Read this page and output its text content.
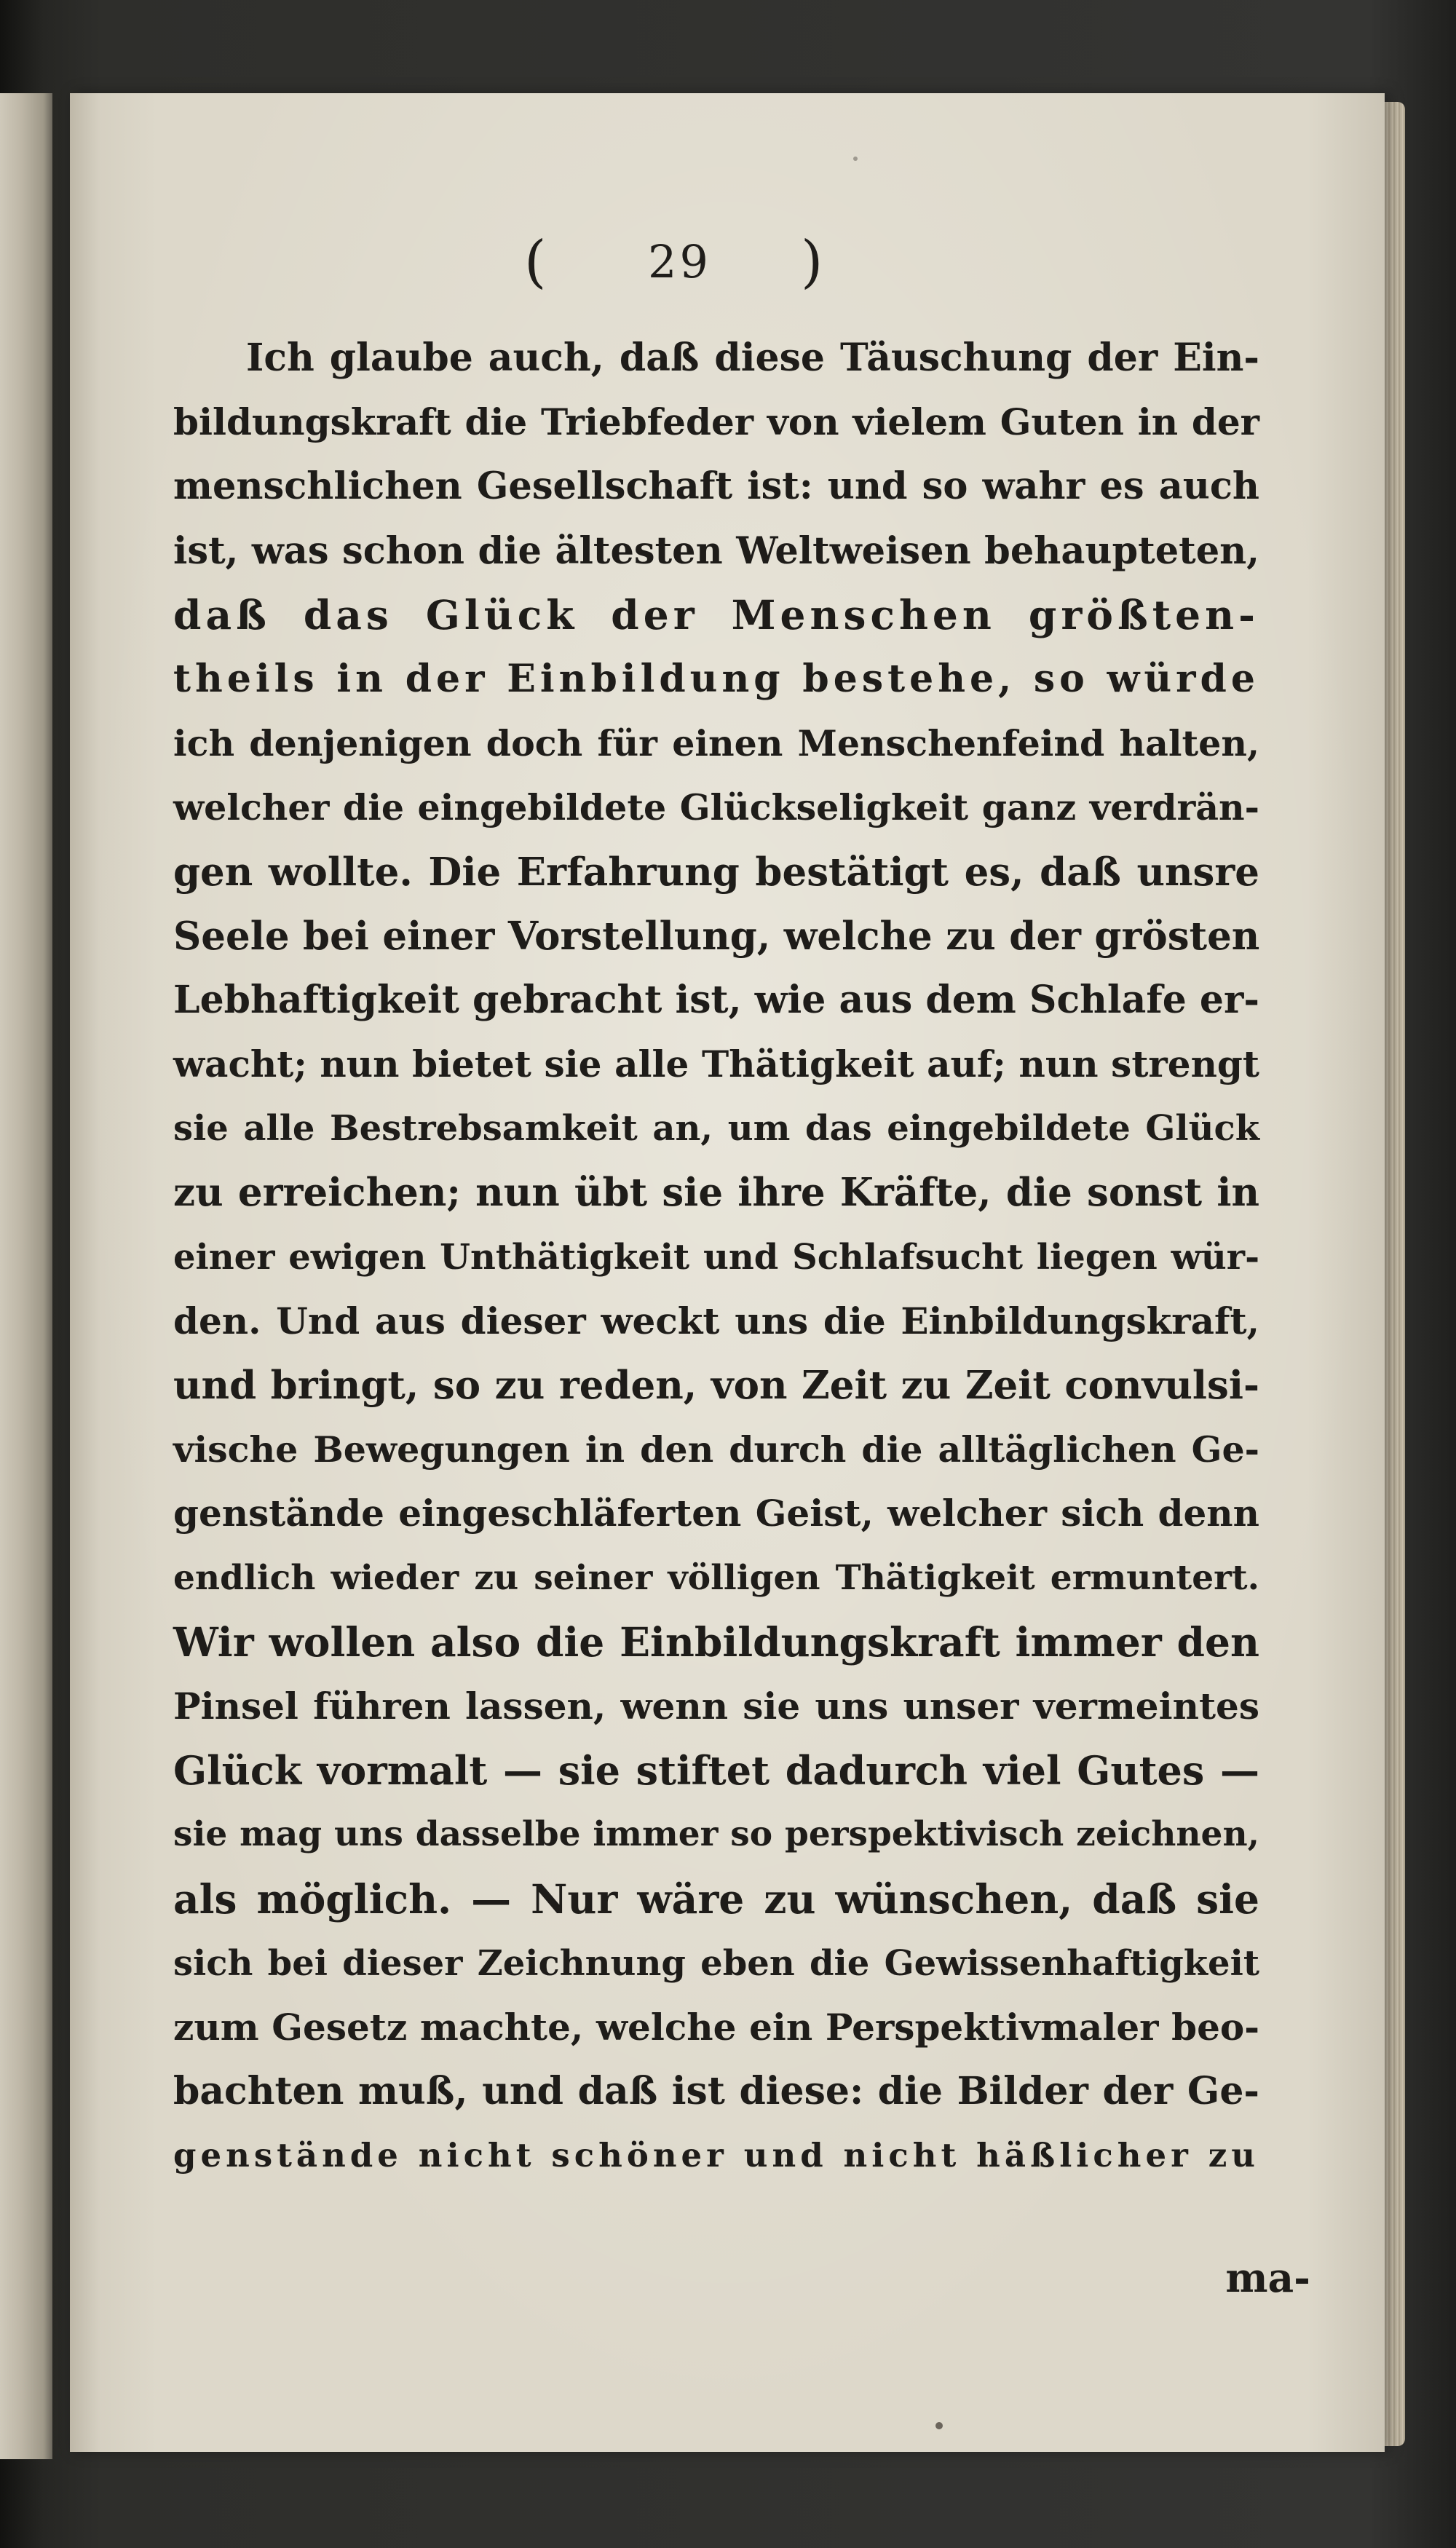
( 29 )
Ich glaube auch, daß diese Täuschung der Ein-
bildungskraft die Triebfeder von vielem Guten in der
menschlichen Gesellschaft ist: und so wahr es auch
ist, was schon die ältesten Weltweisen behaupteten,
daß das Glück der Menschen größten-
theils in der Einbildung bestehe, so würde
ich denjenigen doch für einen Menschenfeind halten,
welcher die eingebildete Glückseligkeit ganz verdrän-
gen wollte. Die Erfahrung bestätigt es, daß unsre
Seele bei einer Vorstellung, welche zu der grösten
Lebhaftigkeit gebracht ist, wie aus dem Schlafe er-
wacht; nun bietet sie alle Thätigkeit auf; nun strengt
sie alle Bestrebsamkeit an, um das eingebildete Glück
zu erreichen; nun übt sie ihre Kräfte, die sonst in
einer ewigen Unthätigkeit und Schlafsucht liegen wür-
den. Und aus dieser weckt uns die Einbildungskraft,
und bringt, so zu reden, von Zeit zu Zeit convulsi-
vische Bewegungen in den durch die alltäglichen Ge-
genstände eingeschläferten Geist, welcher sich denn
endlich wieder zu seiner völligen Thätigkeit ermuntert.
Wir wollen also die Einbildungskraft immer den
Pinsel führen lassen, wenn sie uns unser vermeintes
Glück vormalt — sie stiftet dadurch viel Gutes —
sie mag uns dasselbe immer so perspektivisch zeichnen,
als möglich. — Nur wäre zu wünschen, daß sie
sich bei dieser Zeichnung eben die Gewissenhaftigkeit
zum Gesetz machte, welche ein Perspektivmaler beo-
bachten muß, und daß ist diese: die Bilder der Ge-
genstände nicht schöner und nicht häßlicher zu
ma-
